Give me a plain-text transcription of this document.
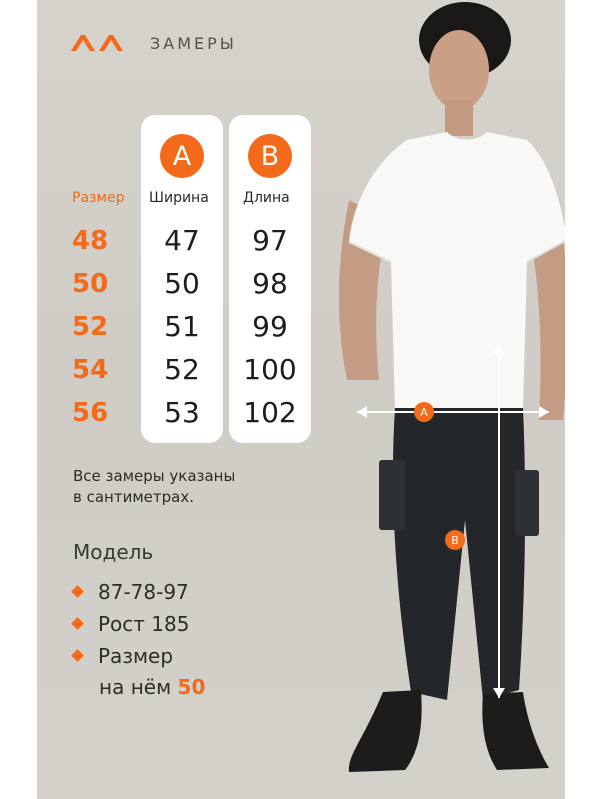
ЗАМЕРЫ
A	B
Размер Ширина Длина
48	47	97
50	50	98
52	51	99
54	52	100
56	53	102
Все замеры указаны
в сантиметрах.
Модель
87-78-97
Рост 185
Размер
на нём 50
A
B
